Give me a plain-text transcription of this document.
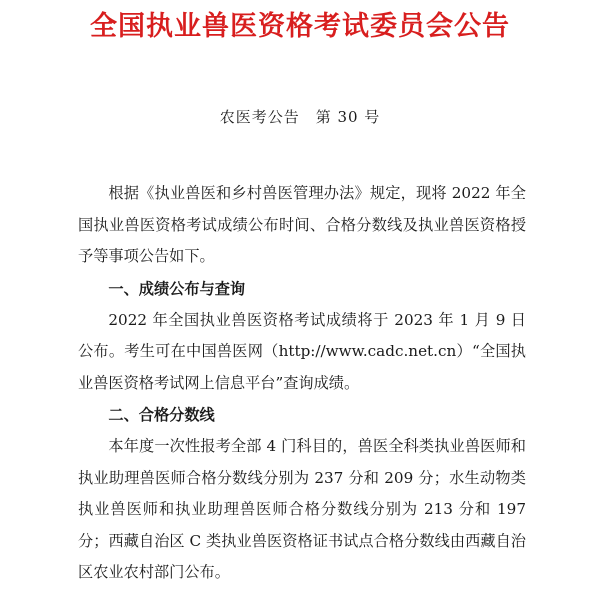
全国执业兽医资格考试委员会公告

农医考公告　第 30 号

根据《执业兽医和乡村兽医管理办法》规定，现将 2022 年全国执业兽医资格考试成绩公布时间、合格分数线及执业兽医资格授予等事项公告如下。

一、成绩公布与查询

2022 年全国执业兽医资格考试成绩将于 2023 年 1 月 9 日公布。考生可在中国兽医网（http://www.cadc.net.cn）“全国执业兽医资格考试网上信息平台”查询成绩。

二、合格分数线

本年度一次性报考全部 4 门科目的，兽医全科类执业兽医师和执业助理兽医师合格分数线分别为 237 分和 209 分；水生动物类执业兽医师和执业助理兽医师合格分数线分别为 213 分和 197 分；西藏自治区 C 类执业兽医资格证书试点合格分数线由西藏自治区农业农村部门公布。
